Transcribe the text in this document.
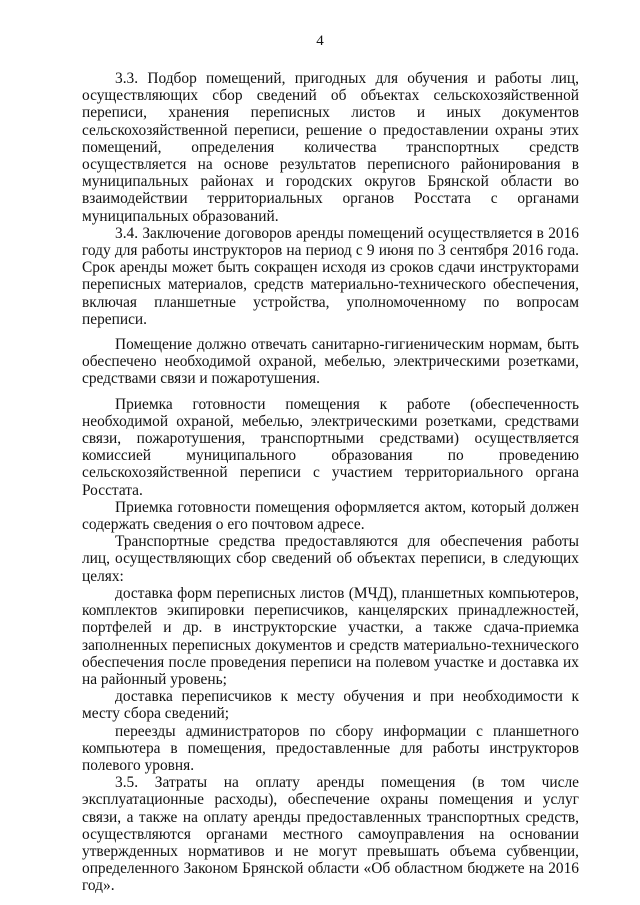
4

3.3. Подбор помещений, пригодных для обучения и работы лиц, осуществляющих сбор сведений об объектах сельскохозяйственной переписи, хранения переписных листов и иных документов сельскохозяйственной переписи, решение о предоставлении охраны этих помещений, определения количества транспортных средств осуществляется на основе результатов переписного районирования в муниципальных районах и городских округов Брянской области во взаимодействии территориальных органов Росстата с органами муниципальных образований.

3.4. Заключение договоров аренды помещений осуществляется в 2016 году для работы инструкторов на период с 9 июня по 3 сентября 2016 года. Срок аренды может быть сокращен исходя из сроков сдачи инструкторами переписных материалов, средств материально-технического обеспечения, включая планшетные устройства, уполномоченному по вопросам переписи.

Помещение должно отвечать санитарно-гигиеническим нормам, быть обеспечено необходимой охраной, мебелью, электрическими розетками, средствами связи и пожаротушения.

Приемка готовности помещения к работе (обеспеченность необходимой охраной, мебелью, электрическими розетками, средствами связи, пожаротушения, транспортными средствами) осуществляется комиссией муниципального образования по проведению сельскохозяйственной переписи с участием территориального органа Росстата.

Приемка готовности помещения оформляется актом, который должен содержать сведения о его почтовом адресе.

Транспортные средства предоставляются для обеспечения работы лиц, осуществляющих сбор сведений об объектах переписи, в следующих целях:

доставка форм переписных листов (МЧД), планшетных компьютеров, комплектов экипировки переписчиков, канцелярских принадлежностей, портфелей и др. в инструкторские участки, а также сдача-приемка заполненных переписных документов и средств материально-технического обеспечения после проведения переписи на полевом участке и доставка их на районный уровень;

доставка переписчиков к месту обучения и при необходимости к месту сбора сведений;

переезды администраторов по сбору информации с планшетного компьютера в помещения, предоставленные для работы инструкторов полевого уровня.

3.5. Затраты на оплату аренды помещения (в том числе эксплуатационные расходы), обеспечение охраны помещения и услуг связи, а также на оплату аренды предоставленных транспортных средств, осуществляются органами местного самоуправления на основании утвержденных нормативов и не могут превышать объема субвенции, определенного Законом Брянской области «Об областном бюджете на 2016 год».
